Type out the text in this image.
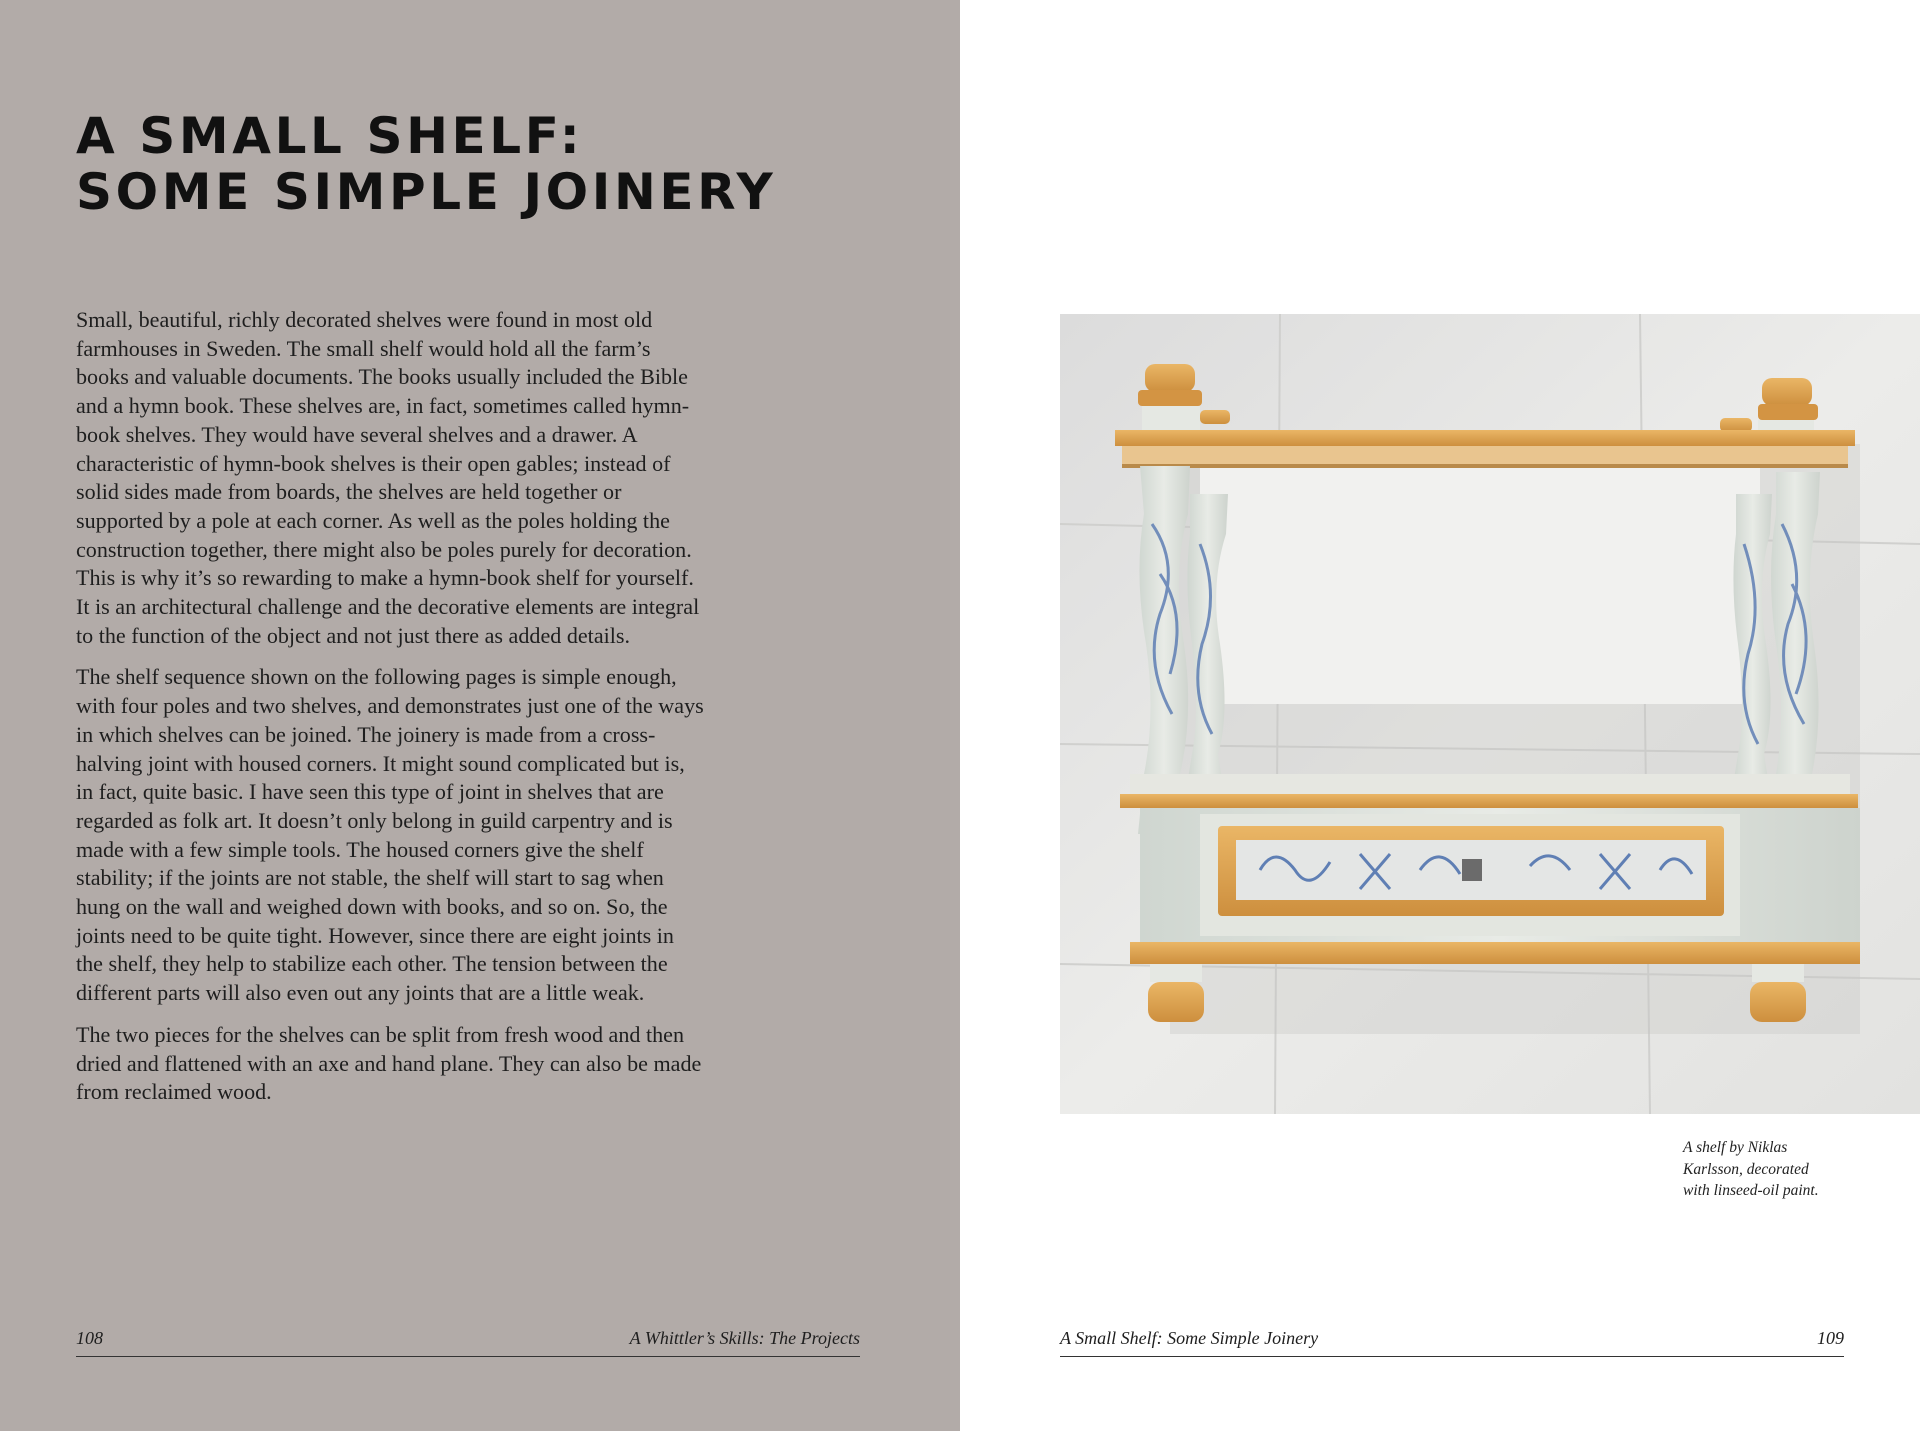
A SMALL SHELF:
SOME SIMPLE JOINERY

Small, beautiful, richly decorated shelves were found in most old farmhouses in Sweden. The small shelf would hold all the farm’s books and valuable documents. The books usually included the Bible and a hymn book. These shelves are, in fact, sometimes called hymn-book shelves. They would have several shelves and a drawer. A characteristic of hymn-book shelves is their open gables; instead of solid sides made from boards, the shelves are held together or supported by a pole at each corner. As well as the poles holding the construction together, there might also be poles purely for decoration. This is why it’s so rewarding to make a hymn-book shelf for yourself. It is an architectural challenge and the decorative elements are integral to the function of the object and not just there as added details.

The shelf sequence shown on the following pages is simple enough, with four poles and two shelves, and demonstrates just one of the ways in which shelves can be joined. The joinery is made from a cross-halving joint with housed corners. It might sound complicated but is, in fact, quite basic. I have seen this type of joint in shelves that are regarded as folk art. It doesn’t only belong in guild carpentry and is made with a few simple tools. The housed corners give the shelf stability; if the joints are not stable, the shelf will start to sag when hung on the wall and weighed down with books, and so on. So, the joints need to be quite tight. However, since there are eight joints in the shelf, they help to stabilize each other. The tension between the different parts will also even out any joints that are a little weak.

The two pieces for the shelves can be split from fresh wood and then dried and flattened with an axe and hand plane. They can also be made from reclaimed wood.

108	A Whittler’s Skills: The Projects
A shelf by Niklas
Karlsson, decorated
with linseed-oil paint.
A Small Shelf: Some Simple Joinery	109
